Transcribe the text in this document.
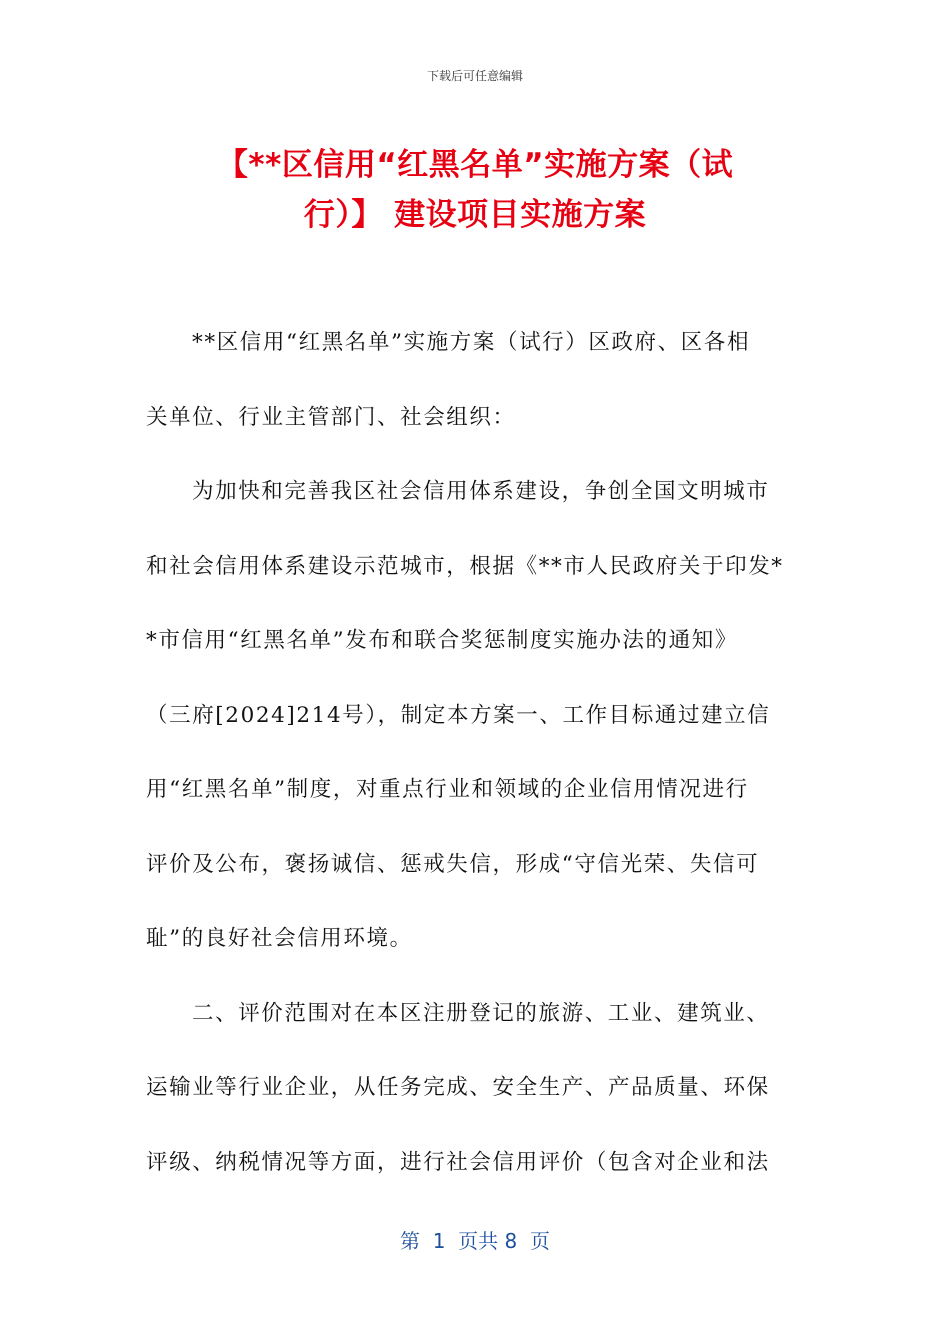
下载后可任意编辑
【**区信用“红黑名单”实施方案（试
行）】 建设项目实施方案
**区信用“红黑名单”实施方案（试行）区政府、区各相
关单位、行业主管部门、社会组织：
为加快和完善我区社会信用体系建设，争创全国文明城市
和社会信用体系建设示范城市，根据《**市人民政府关于印发*
*市信用“红黑名单”发布和联合奖惩制度实施办法的通知》
（三府[2024]214号），制定本方案一、工作目标通过建立信
用“红黑名单”制度，对重点行业和领域的企业信用情况进行
评价及公布，褒扬诚信、惩戒失信，形成“守信光荣、失信可
耻”的良好社会信用环境。
二、评价范围对在本区注册登记的旅游、工业、建筑业、
运输业等行业企业，从任务完成、安全生产、产品质量、环保
评级、纳税情况等方面，进行社会信用评价（包含对企业和法
第  1  页共 8  页
